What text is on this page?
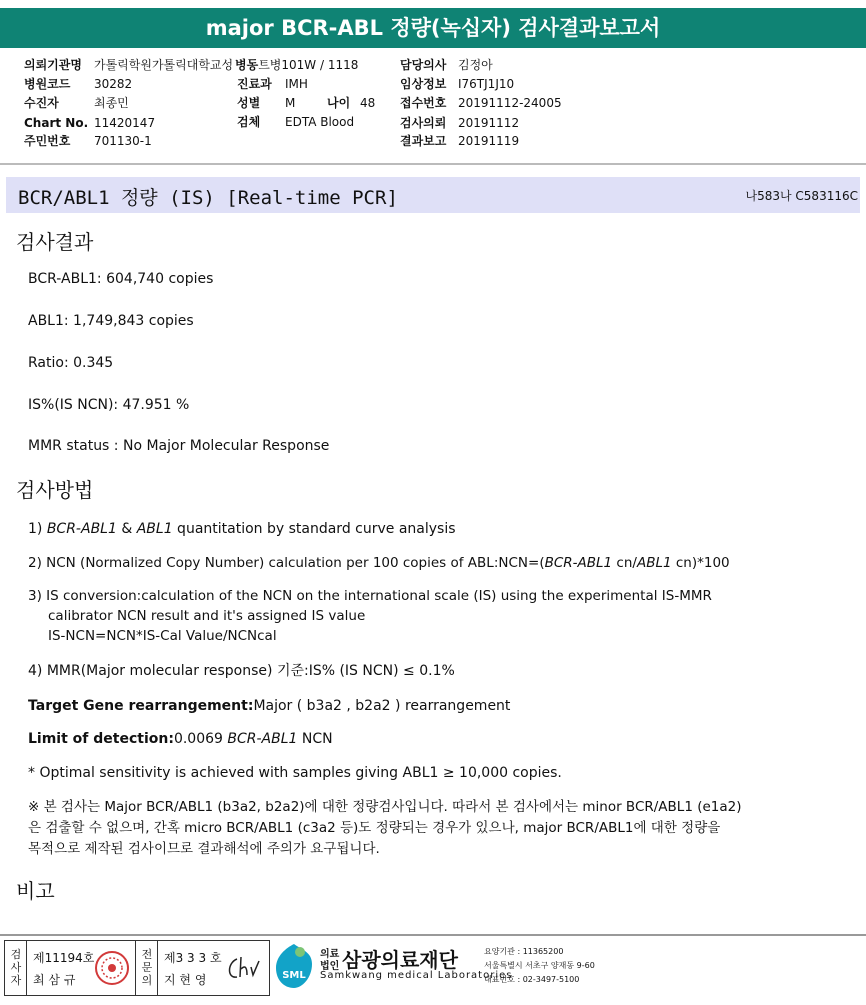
major BCR-ABL 정량(녹십자) 검사결과보고서
의뢰기관명 가톨릭학원가톨릭대학교성
병원코드 30282
수진자	최종민
Chart No. 11420147
주민번호 701130-1
병동트병101W / 1118
진료과 IMH
성별 M	나이 48
검체 EDTA Blood
담당의사 김정아
임상정보 I76TJ1J10
접수번호 20191112-24005
검사의뢰 20191112
결과보고 20191119
BCR/ABL1 정량 (IS) [Real-time PCR]	나583나 C583116C
검사결과
BCR-ABL1: 604,740 copies
ABL1: 1,749,843 copies
Ratio: 0.345
IS%(IS NCN): 47.951 %
MMR status : No Major Molecular Response
검사방법
1) BCR-ABL1 & ABL1 quantitation by standard curve analysis
2) NCN (Normalized Copy Number) calculation per 100 copies of ABL:NCN=(BCR-ABL1 cn/ABL1 cn)*100
3) IS conversion:calculation of the NCN on the international scale (IS) using the experimental IS-MMR
calibrator NCN result and it's assigned IS value
IS-NCN=NCN*IS-Cal Value/NCNcal
4) MMR(Major molecular response) 기준:IS% (IS NCN) ≤ 0.1%
Target Gene rearrangement:Major ( b3a2 , b2a2 ) rearrangement
Limit of detection:0.0069 BCR-ABL1 NCN
* Optimal sensitivity is achieved with samples giving ABL1 ≥ 10,000 copies.
※ 본 검사는 Major BCR/ABL1 (b3a2, b2a2)에 대한 정량검사입니다. 따라서 본 검사에서는 minor BCR/ABL1 (e1a2)
은 검출할 수 없으며, 간혹 micro BCR/ABL1 (c3a2 등)도 정량되는 경우가 있으나, major BCR/ABL1에 대한 정량을
목적으로 제작된 검사이므로 결과해석에 주의가 요구됩니다.
비고
검
사
자
제11194호
최 삼 규
전
문
의
제3 3 3 호
지 현 영	SML
의료
법인 삼광의료재단
Samkwang medical Laboratories
요양기관 : 11365200
서울특별시 서초구 양재동 9-60
대표번호 : 02-3497-5100
